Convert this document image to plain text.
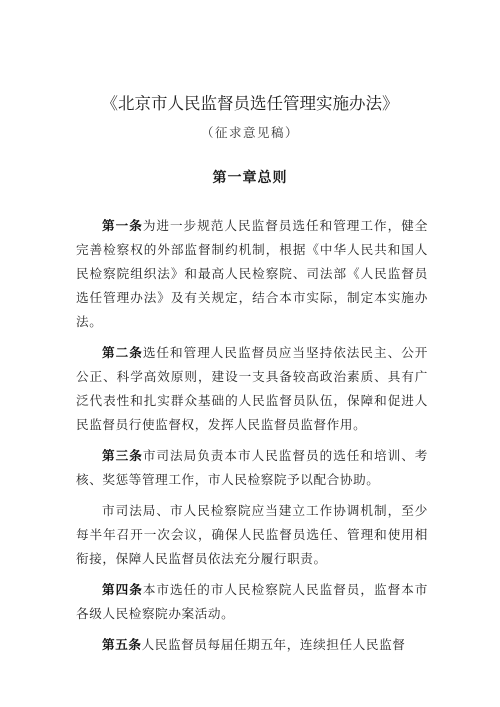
《北京市人民监督员选任管理实施办法》
（征求意见稿）
第一章总则

第一条为进一步规范人民监督员选任和管理工作，健全完善检察权的外部监督制约机制，根据《中华人民共和国人民检察院组织法》和最高人民检察院、司法部《人民监督员选任管理办法》及有关规定，结合本市实际，制定本实施办法。

第二条选任和管理人民监督员应当坚持依法民主、公开公正、科学高效原则，建设一支具备较高政治素质、具有广泛代表性和扎实群众基础的人民监督员队伍，保障和促进人民监督员行使监督权，发挥人民监督员监督作用。

第三条市司法局负责本市人民监督员的选任和培训、考核、奖惩等管理工作，市人民检察院予以配合协助。

市司法局、市人民检察院应当建立工作协调机制，至少每半年召开一次会议，确保人民监督员选任、管理和使用相衔接，保障人民监督员依法充分履行职责。

第四条本市选任的市人民检察院人民监督员，监督本市各级人民检察院办案活动。

第五条人民监督员每届任期五年，连续担任人民监督
